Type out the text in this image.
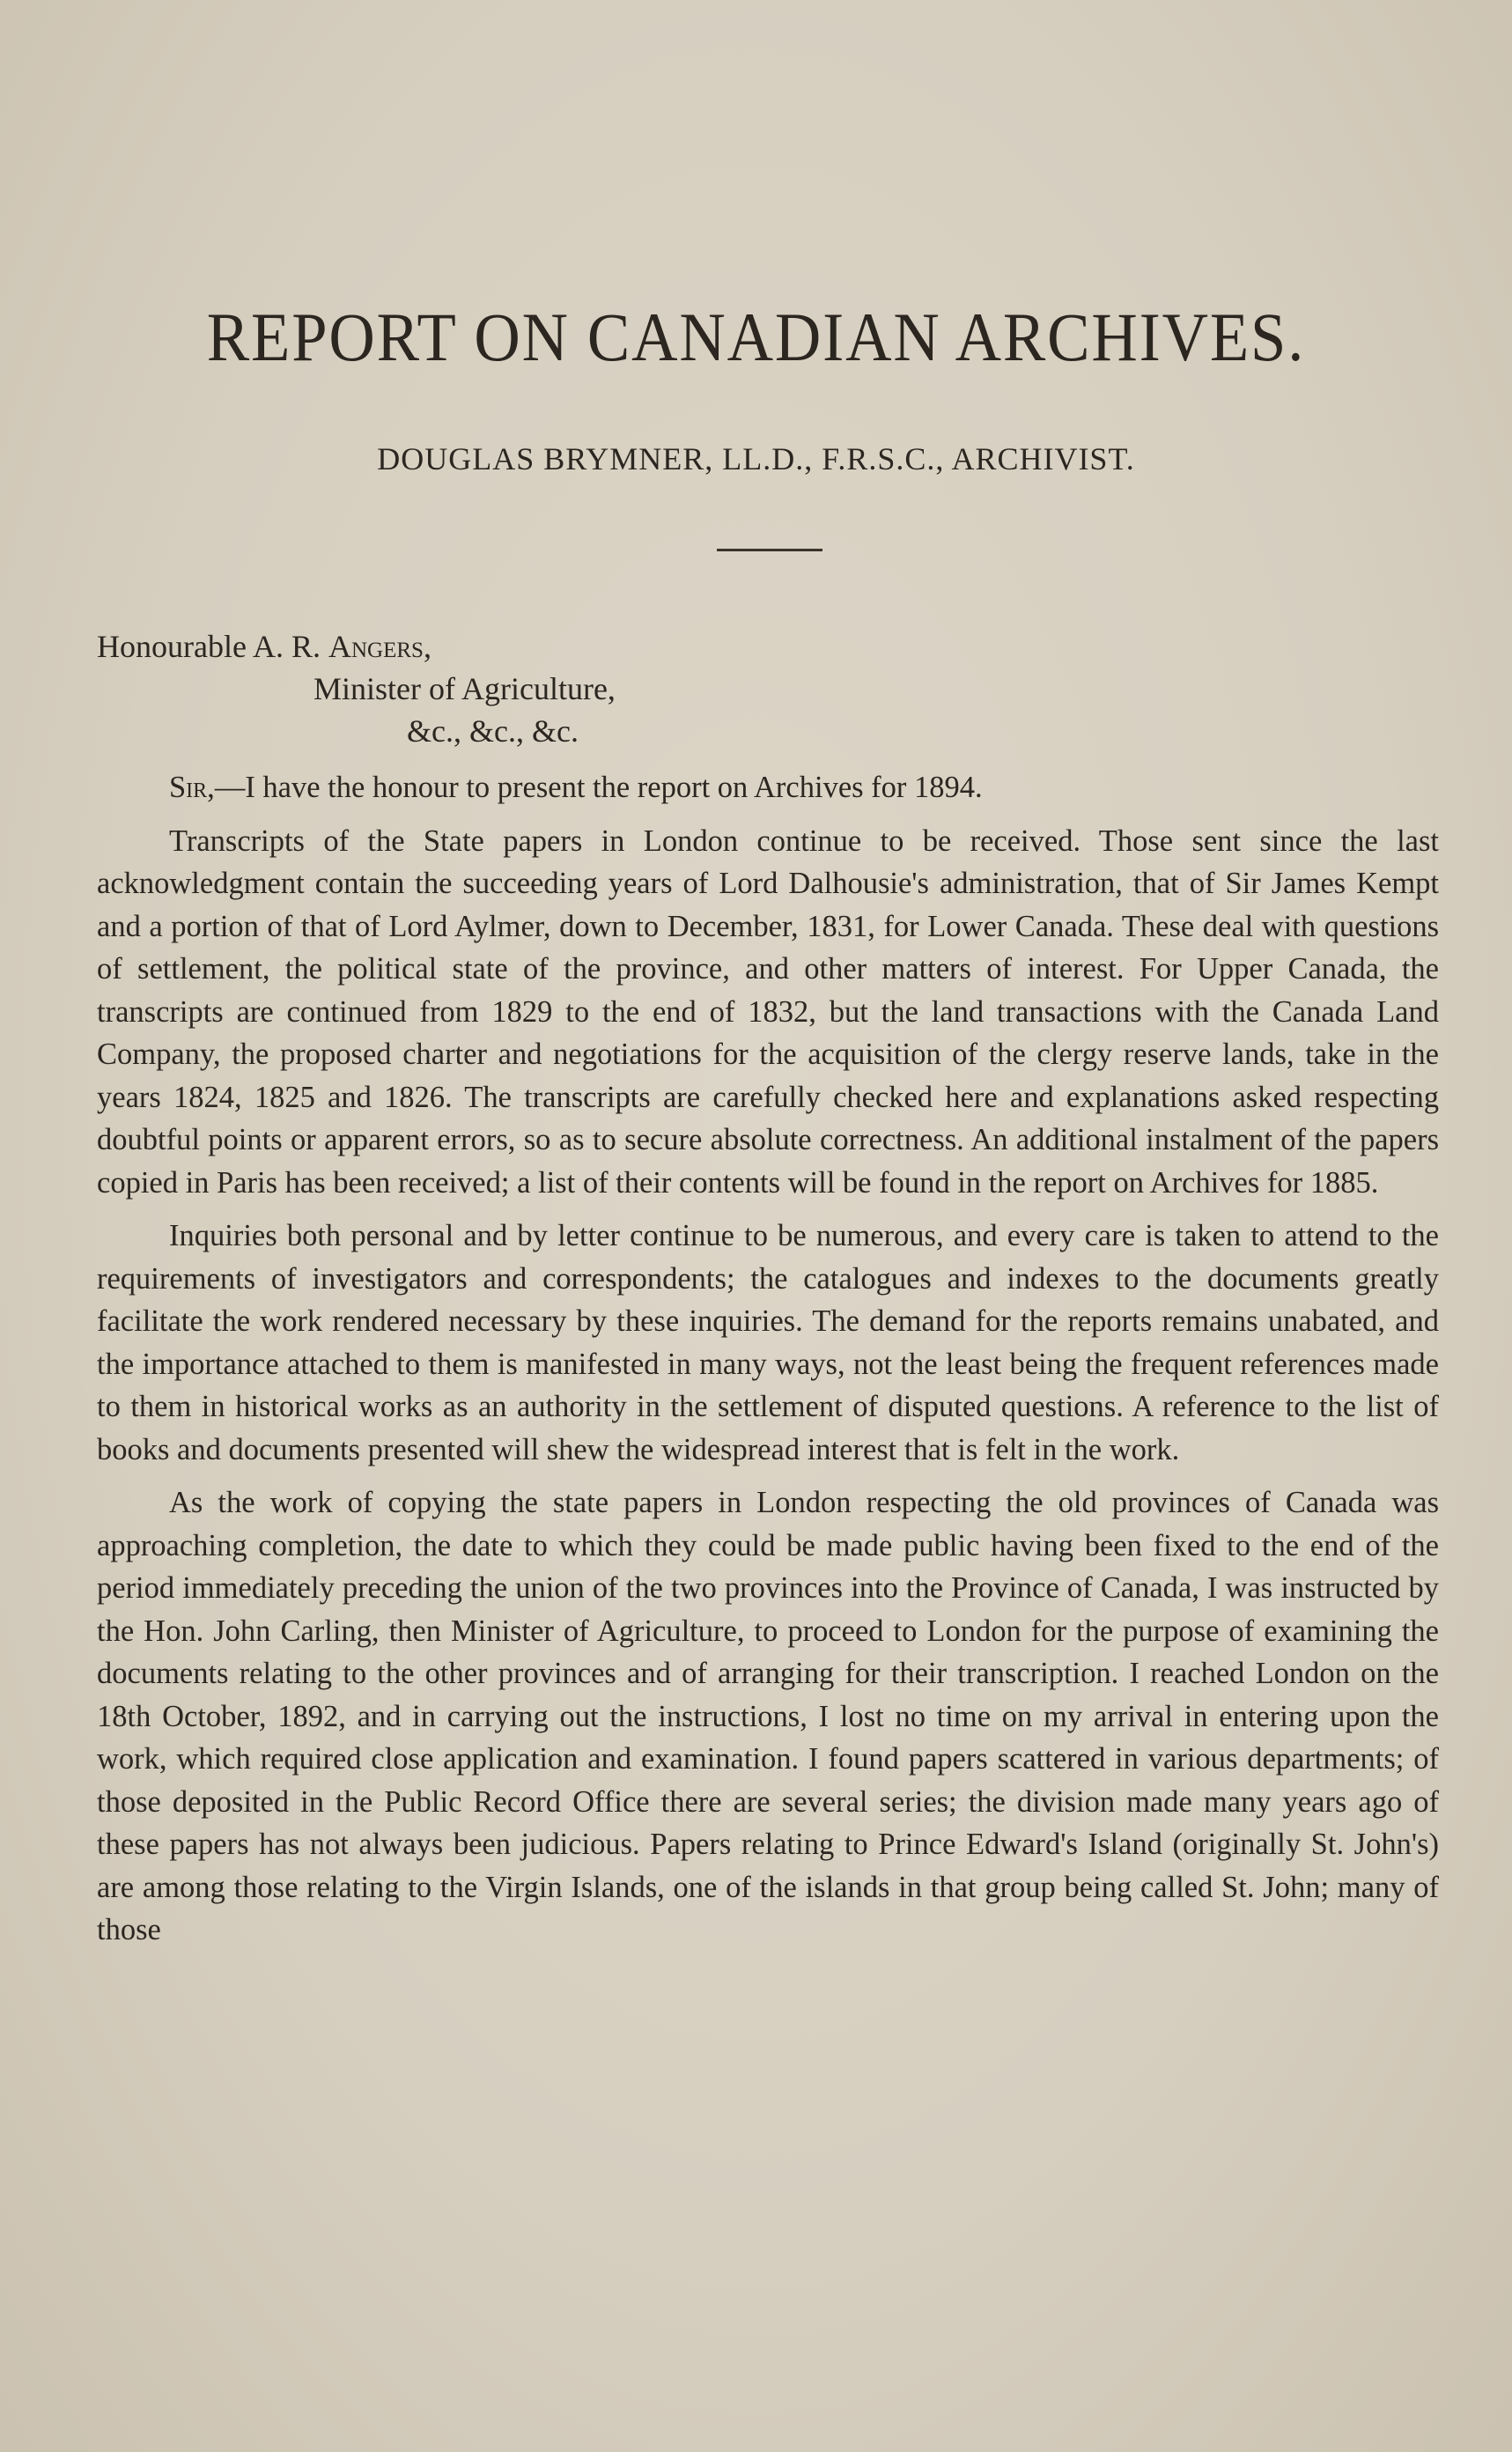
REPORT ON CANADIAN ARCHIVES.
DOUGLAS BRYMNER, LL.D., F.R.S.C., ARCHIVIST.
Honourable A. R. Angers,
Minister of Agriculture,
&c., &c., &c.

Sir,—I have the honour to present the report on Archives for 1894.

Transcripts of the State papers in London continue to be received. Those sent since the last acknowledgment contain the succeeding years of Lord Dalhousie's administration, that of Sir James Kempt and a portion of that of Lord Aylmer, down to December, 1831, for Lower Canada. These deal with questions of settlement, the political state of the province, and other matters of interest. For Upper Canada, the transcripts are continued from 1829 to the end of 1832, but the land transactions with the Canada Land Company, the proposed charter and negotiations for the acquisition of the clergy reserve lands, take in the years 1824, 1825 and 1826. The transcripts are carefully checked here and explanations asked respecting doubtful points or apparent errors, so as to secure absolute correctness. An additional instalment of the papers copied in Paris has been received; a list of their contents will be found in the report on Archives for 1885.

Inquiries both personal and by letter continue to be numerous, and every care is taken to attend to the requirements of investigators and correspondents; the catalogues and indexes to the documents greatly facilitate the work rendered necessary by these inquiries. The demand for the reports remains unabated, and the importance attached to them is manifested in many ways, not the least being the frequent references made to them in historical works as an authority in the settlement of disputed questions. A reference to the list of books and documents presented will shew the widespread interest that is felt in the work.

As the work of copying the state papers in London respecting the old provinces of Canada was approaching completion, the date to which they could be made public having been fixed to the end of the period immediately preceding the union of the two provinces into the Province of Canada, I was instructed by the Hon. John Carling, then Minister of Agriculture, to proceed to London for the purpose of examining the documents relating to the other provinces and of arranging for their transcription. I reached London on the 18th October, 1892, and in carrying out the instructions, I lost no time on my arrival in entering upon the work, which required close application and examination. I found papers scattered in various departments; of those deposited in the Public Record Office there are several series; the division made many years ago of these papers has not always been judicious. Papers relating to Prince Edward's Island (originally St. John's) are among those relating to the Virgin Islands, one of the islands in that group being called St. John; many of those
